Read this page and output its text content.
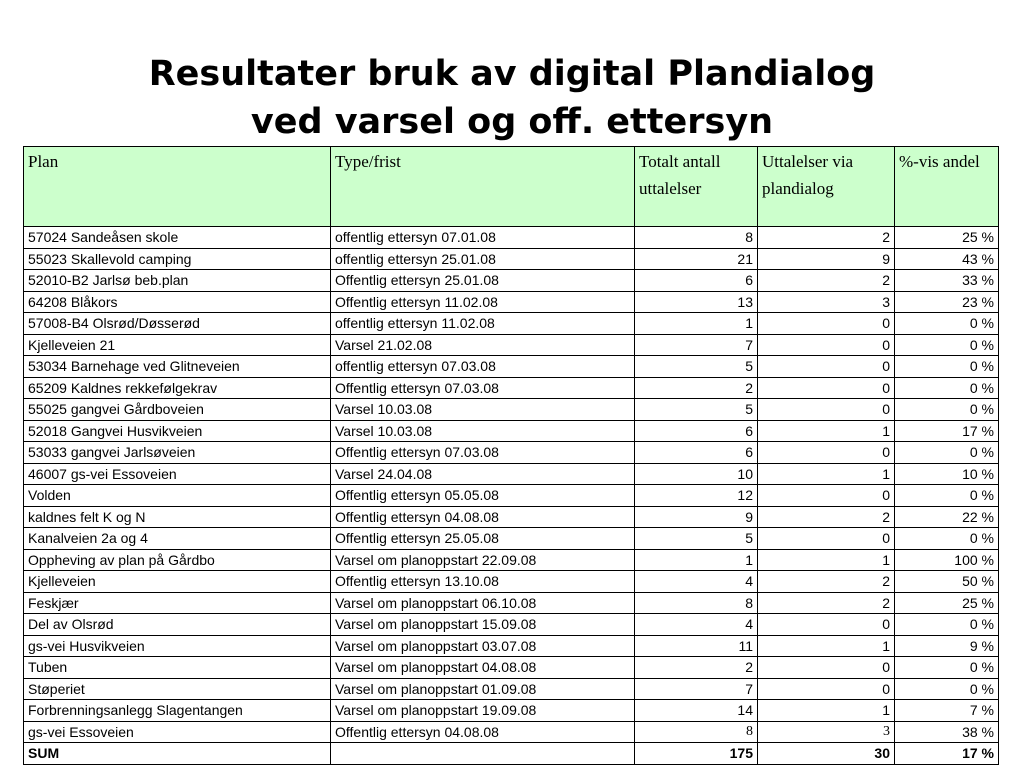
Resultater bruk av digital Plandialog
ved varsel og off. ettersyn
Plan	Type/frist	Totalt antall uttalelser	Uttalelser via plandialog	%-vis andel
57024 Sandeåsen skole	offentlig ettersyn 07.01.08	8	2	25 %
55023 Skallevold camping	offentlig ettersyn 25.01.08	21	9	43 %
52010-B2 Jarlsø beb.plan	Offentlig ettersyn 25.01.08	6	2	33 %
64208 Blåkors	Offentlig ettersyn 11.02.08	13	3	23 %
57008-B4 Olsrød/Døsserød	offentlig ettersyn 11.02.08	1	0	0 %
Kjelleveien 21	Varsel 21.02.08	7	0	0 %
53034 Barnehage ved Glitneveien	offentlig ettersyn 07.03.08	5	0	0 %
65209 Kaldnes rekkefølgekrav	Offentlig ettersyn 07.03.08	2	0	0 %
55025 gangvei Gårdboveien	Varsel 10.03.08	5	0	0 %
52018 Gangvei Husvikveien	Varsel 10.03.08	6	1	17 %
53033 gangvei Jarlsøveien	Offentlig ettersyn 07.03.08	6	0	0 %
46007 gs-vei Essoveien	Varsel 24.04.08	10	1	10 %
Volden	Offentlig ettersyn 05.05.08	12	0	0 %
kaldnes felt K og N	Offentlig ettersyn 04.08.08	9	2	22 %
Kanalveien 2a og 4	Offentlig ettersyn 25.05.08	5	0	0 %
Oppheving av plan på Gårdbo	Varsel om planoppstart 22.09.08	1	1	100 %
Kjelleveien	Offentlig ettersyn 13.10.08	4	2	50 %
Feskjær	Varsel om planoppstart 06.10.08	8	2	25 %
Del av Olsrød	Varsel om planoppstart 15.09.08	4	0	0 %
gs-vei Husvikveien	Varsel om planoppstart 03.07.08	11	1	9 %
Tuben	Varsel om planoppstart 04.08.08	2	0	0 %
Støperiet	Varsel om planoppstart 01.09.08	7	0	0 %
Forbrenningsanlegg Slagentangen	Varsel om planoppstart 19.09.08	14	1	7 %
gs-vei Essoveien	Offentlig ettersyn 04.08.08	8	3	38 %
SUM		175	30	17 %
